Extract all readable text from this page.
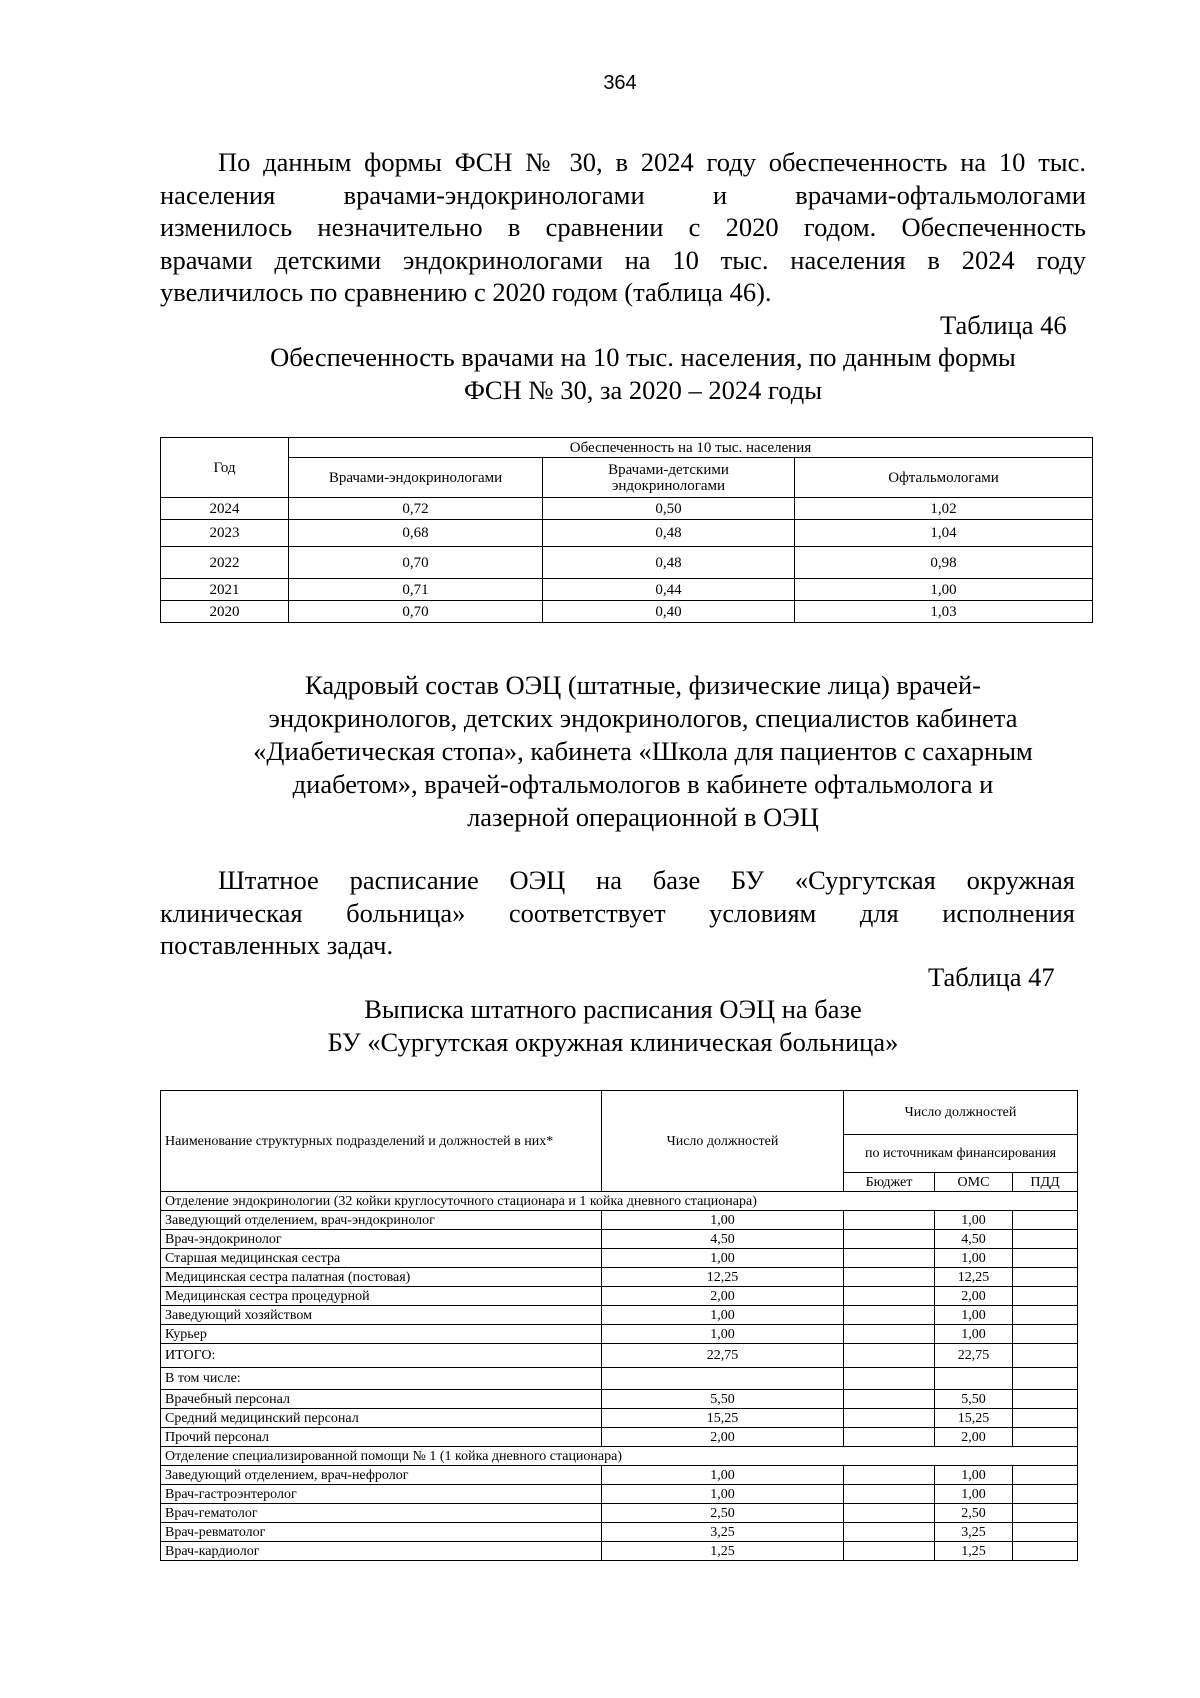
364
По данным формы ФСН № 30, в 2024 году обеспеченность на 10 тыс.
населения врачами-эндокринологами и врачами-офтальмологами
изменилось незначительно в сравнении с 2020 годом. Обеспеченность
врачами детскими эндокринологами на 10 тыс. населения в 2024 году
увеличилось по сравнению с 2020 годом (таблица 46).
Таблица 46
Обеспеченность врачами на 10 тыс. населения, по данным формы
ФСН № 30, за 2020 – 2024 годы
Год	Обеспеченность на 10 тыс. населения		
	Врачами-эндокринологами	Врачами-детскими
эндокринологами	Офтальмологами
2024	0,72	0,50	1,02
2023	0,68	0,48	1,04
2022	0,70	0,48	0,98
2021	0,71	0,44	1,00
2020	0,70	0,40	1,03
Кадровый состав ОЭЦ (штатные, физические лица) врачей-
эндокринологов, детских эндокринологов, специалистов кабинета
«Диабетическая стопа», кабинета «Школа для пациентов с сахарным
диабетом», врачей-офтальмологов в кабинете офтальмолога и
лазерной операционной в ОЭЦ
Штатное расписание ОЭЦ на базе БУ «Сургутская окружная
клиническая больница» соответствует условиям для исполнения
поставленных задач.
Таблица 47
Выписка штатного расписания ОЭЦ на базе
БУ «Сургутская окружная клиническая больница»
Наименование структурных подразделений и должностей в них*	Число должностей	Число должностей		
		по источникам финансирования		
		Бюджет	ОМС	ПДД
Отделение эндокринологии (32 койки круглосуточного стационара и 1 койка дневного стационара)				
Заведующий отделением, врач-эндокринолог	1,00		1,00	
Врач-эндокринолог	4,50		4,50	
Старшая медицинская сестра	1,00		1,00	
Медицинская сестра палатная (постовая)	12,25		12,25	
Медицинская сестра процедурной	2,00		2,00	
Заведующий хозяйством	1,00		1,00	
Курьер	1,00		1,00	
ИТОГО:	22,75		22,75	
В том числе:				
Врачебный персонал	5,50		5,50	
Средний медицинский персонал	15,25		15,25	
Прочий персонал	2,00		2,00	
Отделение специализированной помощи № 1 (1 койка дневного стационара)				
Заведующий отделением, врач-нефролог	1,00		1,00	
Врач-гастроэнтеролог	1,00		1,00	
Врач-гематолог	2,50		2,50	
Врач-ревматолог	3,25		3,25	
Врач-кардиолог	1,25		1,25	
